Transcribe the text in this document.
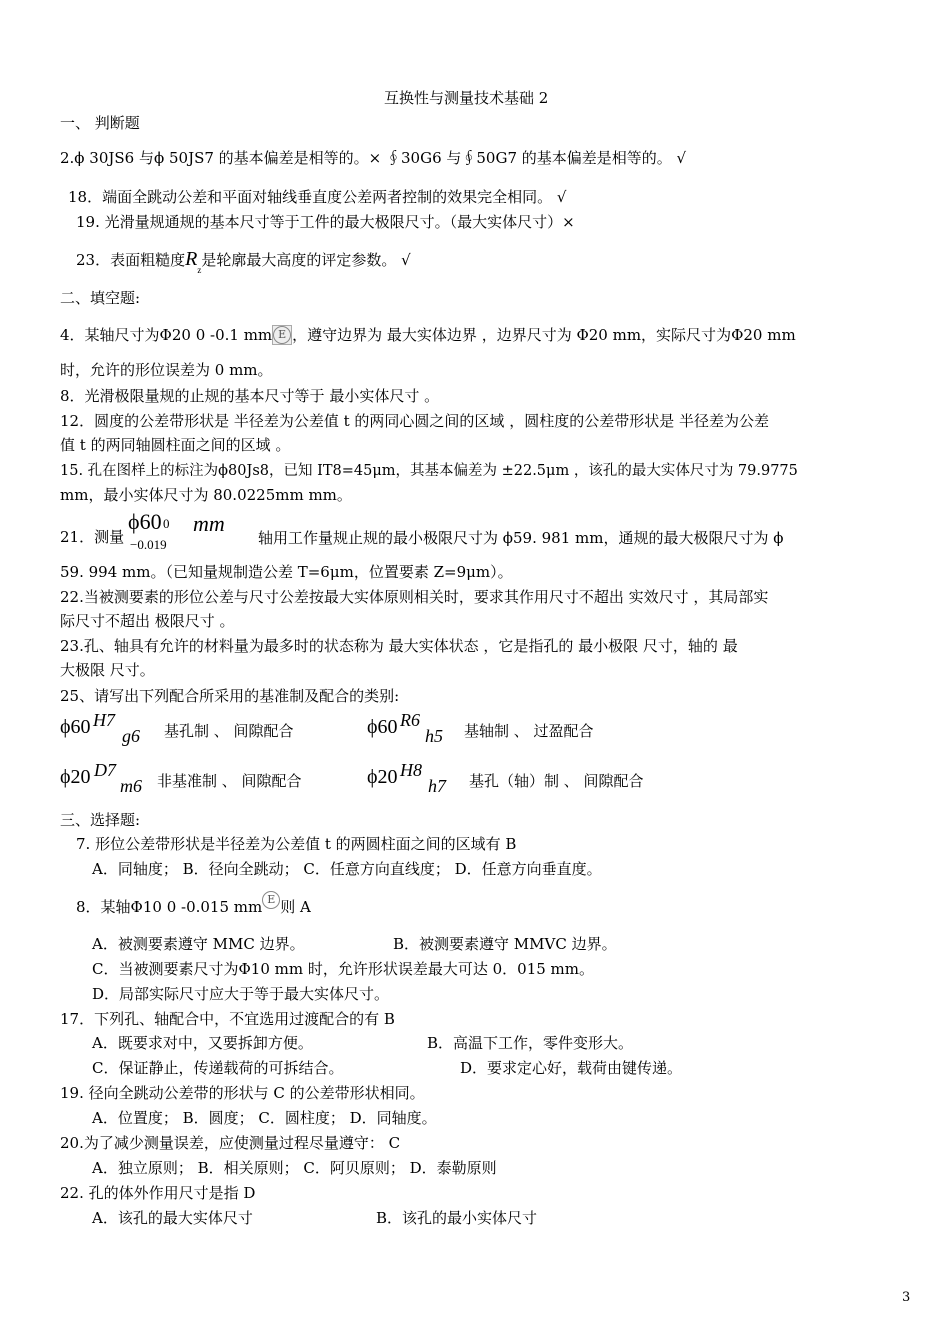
互换性与测量技术基础 2
一、 判断题
2.ϕ 30JS6 与ϕ 50JS7 的基本偏差是相等的。× ∮30G6 与∮50G7 的基本偏差是相等的。 √
18．端面全跳动公差和平面对轴线垂直度公差两者控制的效果完全相同。 √
19. 光滑量规通规的基本尺寸等于工件的最大极限尺寸。（最大实体尺寸）×
23．表面粗糙度$R_z$是轮廓最大高度的评定参数。 √
二、填空题:
4．某轴尺寸为Φ20 0 -0.1 mm E ，遵守边界为 最大实体边界 ，边界尺寸为 Φ20 mm，实际尺寸为Φ20 mm
时，允许的形位误差为 0 mm。
8．光滑极限量规的止规的基本尺寸等于 最小实体尺寸 。
12．圆度的公差带形状是 半径差为公差值 t 的两同心圆之间的区域 ，圆柱度的公差带形状是 半径差为公差
值 t 的两同轴圆柱面之间的区域 。
15. 孔在图样上的标注为ϕ80Js8，已知 IT8=45μm，其基本偏差为 ±22.5μm ，该孔的最大实体尺寸为 79.9775
mm，最小实体尺寸为 80.0225mm mm。
21．测量
ϕ60 0
−0.019
mm
轴用工作量规止规的最小极限尺寸为 ϕ59. 981 mm，通规的最大极限尺寸为 ϕ
59. 994 mm。（已知量规制造公差 T=6μm，位置要素 Z=9μm）。
22.当被测要素的形位公差与尺寸公差按最大实体原则相关时，要求其作用尺寸不超出 实效尺寸 ，其局部实
际尺寸不超出 极限尺寸 。
23.孔、轴具有允许的材料量为最多时的状态称为 最大实体状态 ，它是指孔的 最小极限 尺寸，轴的 最
大极限 尺寸。
25、请写出下列配合所采用的基准制及配合的类别:
ϕ60 H7
g6 基孔制 、 间隙配合	ϕ60 R6
h5 基轴制 、 过盈配合
ϕ20 D7
m6 非基准制 、 间隙配合	ϕ20 H8
h7 基孔（轴）制 、 间隙配合
三、选择题:
7. 形位公差带形状是半径差为公差值 t 的两圆柱面之间的区域有 B
A．同轴度； B．径向全跳动； C．任意方向直线度； D．任意方向垂直度。
8．某轴Φ10 0 -0.015 mm E 则 A
A．被测要素遵守 MMC 边界。	B．被测要素遵守 MMVC 边界。
C．当被测要素尺寸为Φ10 mm 时，允许形状误差最大可达 0．015 mm。
D．局部实际尺寸应大于等于最大实体尺寸。
17．下列孔、轴配合中，不宜选用过渡配合的有 B
A．既要求对中，又要拆卸方便。	B．高温下工作，零件变形大。
C．保证静止，传递载荷的可拆结合。	D．要求定心好，载荷由键传递。
19. 径向全跳动公差带的形状与 C 的公差带形状相同。
A．位置度； B．圆度； C．圆柱度； D．同轴度。
20.为了减少测量误差，应使测量过程尽量遵守： C
A．独立原则； B．相关原则； C．阿贝原则； D．泰勒原则
22. 孔的体外作用尺寸是指 D
A．该孔的最大实体尺寸	B．该孔的最小实体尺寸
3
